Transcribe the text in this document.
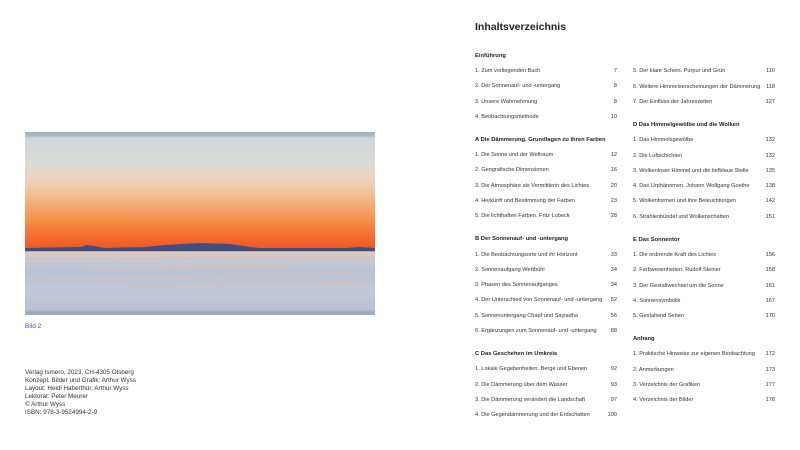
Bild 2
Verlag Ismero, 2023, CH-4305 Olsberg
Konzept, Bilder und Grafik: Arthur Wyss
Layout: Heidi Haberthür, Arthur Wyss
Lektorat: Peter Meurer
© Arthur Wyss
ISBN: 978-3-9524994-2-9
Inhaltsverzeichnis
Einführung
1. Zum vorliegenden Buch	7
2. Der Sonnenauf- und -untergang	8
3. Unsere Wahrnehmung	8
4. Beobachtungsmethode	10
A Die Dämmerung. Grundlagen zu ihren Farben
1. Die Sonne und der Weltraum	12
2. Geografische Dimensionen	16
3. Die Atmosphäre als Vermittlerin des Lichtes	20
4. Herkunft und Bestimmung der Farben	23
5. Die lichthaften Farben. Fritz Lobeck	28
B Der Sonnenauf- und -untergang
1. Die Beobachtungsorte und ihr Horizont	33
2. Sonnenaufgang Wertbühl	34
3. Phasen des Sonnenaufganges	34
4. Der Unterschied von Sonnenauf- und -untergang 52
5. Sonnenuntergang Chapf und Sayiadha	56
6. Ergänzungen zum Sonnenauf- und -untergang	88
C Das Geschehen im Umkreis
1. Lokale Gegebenheiten. Berge und Ebenen	92
2. Die Dämmerung über dem Wasser	93
3. Die Dämmerung verändert die Landschaft	97
4. Die Gegendämmerung und der Erdschatten	100
5. Der klare Schein. Purpur und Grün	110
6. Weitere Himmelserscheinungen der Dämmerung 118
7. Der Einfluss der Jahreszeiten	127
D Das Himmelgewölbe und die Wolken
1. Das Himmelsgewölbe	132
2. Die Luftschichten	132
3. Wolkenloser Himmel und die tiefblaue Stelle	135
4. Das Urphänomen. Johann Wolfgang Goethe	138
5. Wolkenformen und ihre Beleuchtungen	142
6. Strahlenbündel und Wolkenschatten	151
E Das Sonnentor
1. Die ordnende Kraft des Lichtes	156
2. Farbwesenheiten. Rudolf Steiner	158
3. Der Gestaltwechsel um die Sonne	161
4. Sonnensymbolik	167
5. Gestaltend Sehen	170
Anhang
1. Praktische Hinweise zur eigenen Beobachtung 172
2. Anmerkungen	173
3. Verzeichnis der Grafiken	177
4. Verzeichnis der Bilder	178
